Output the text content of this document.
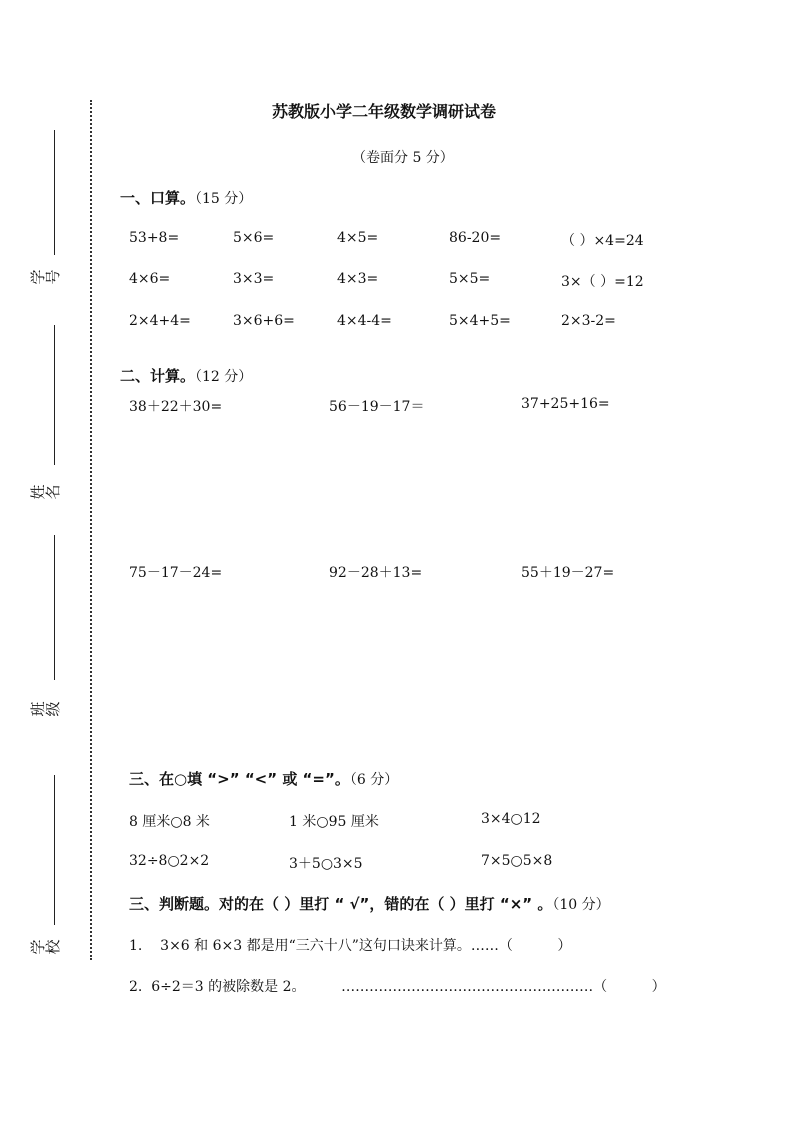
学号
姓名
班级
学校
苏教版小学二年级数学调研试卷
（卷面分 5 分）
一、口算。（15 分）
53+8=	5×6=	4×5=	86-20=	（ ）×4=24
4×6=	3×3=	4×3=	5×5=	3×（ ）=12
2×4+4=	3×6+6=	4×4-4=	5×4+5=	2×3-2=
二、计算。（12 分）
38＋22＋30=	56－19－17＝	37+25+16=
75－17－24=	92－28＋13=	55＋19－27=
三、在○填 “>” “<” 或 “=”。（6 分）
8 厘米○8 米	1 米○95 厘米	3×4○12
32÷8○2×2	3＋5○3×5	7×5○5×8
三、判断题。对的在（ ）里打 “ √”，错的在（ ）里打 “×” 。（10 分）
1.    3×6 和 6×3 都是用“三六十八”这句口诀来计算。……（          ）
2.  6÷2＝3 的被除数是 2。        ………………………………………………（          ）
